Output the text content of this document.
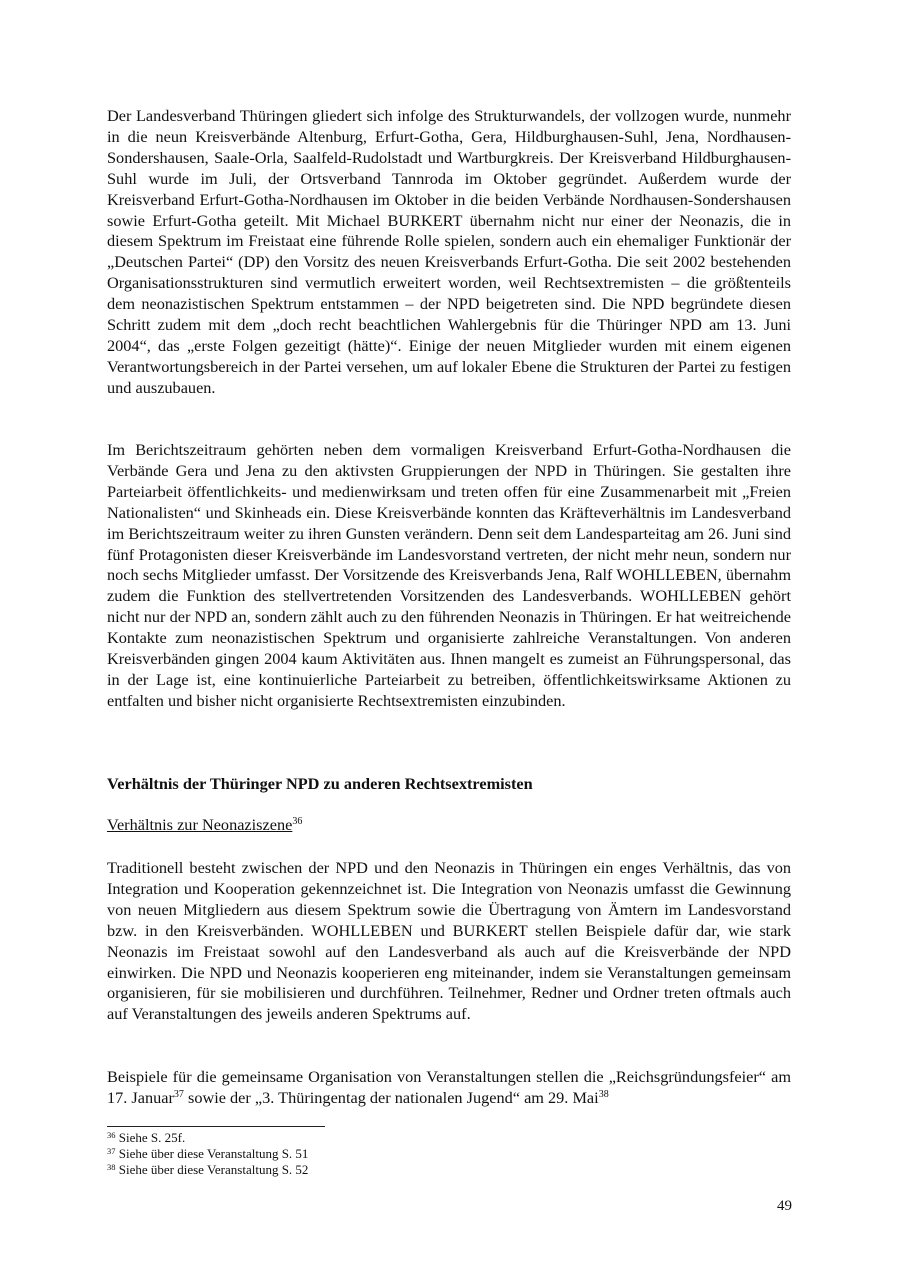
Der Landesverband Thüringen gliedert sich infolge des Strukturwandels, der vollzogen wurde, nunmehr in die neun Kreisverbände Altenburg, Erfurt-Gotha, Gera, Hildburghausen-Suhl, Jena, Nordhausen-Sondershausen, Saale-Orla, Saalfeld-Rudolstadt und Wartburgkreis. Der Kreisverband Hildburghausen-Suhl wurde im Juli, der Ortsverband Tannroda im Oktober gegründet. Außerdem wurde der Kreisverband Erfurt-Gotha-Nordhausen im Oktober in die beiden Verbände Nordhausen-Sondershausen sowie Erfurt-Gotha geteilt. Mit Michael BURKERT übernahm nicht nur einer der Neonazis, die in diesem Spektrum im Freistaat eine führende Rolle spielen, sondern auch ein ehemaliger Funktionär der „Deutschen Partei“ (DP) den Vorsitz des neuen Kreisverbands Erfurt-Gotha. Die seit 2002 bestehenden Organisationsstrukturen sind vermutlich erweitert worden, weil Rechtsextremisten – die größtenteils dem neonazistischen Spektrum entstammen – der NPD beigetreten sind. Die NPD begründete diesen Schritt zudem mit dem „doch recht beachtlichen Wahlergebnis für die Thüringer NPD am 13. Juni 2004“, das „erste Folgen gezeitigt (hätte)“. Einige der neuen Mitglieder wurden mit einem eigenen Verantwortungsbereich in der Partei versehen, um auf lokaler Ebene die Strukturen der Partei zu festigen und auszubauen.

Im Berichtszeitraum gehörten neben dem vormaligen Kreisverband Erfurt-Gotha-Nordhausen die Verbände Gera und Jena zu den aktivsten Gruppierungen der NPD in Thüringen. Sie gestalten ihre Parteiarbeit öffentlichkeits- und medienwirksam und treten offen für eine Zusammenarbeit mit „Freien Nationalisten“ und Skinheads ein. Diese Kreisverbände konnten das Kräfteverhältnis im Landesverband im Berichtszeitraum weiter zu ihren Gunsten verändern. Denn seit dem Landesparteitag am 26. Juni sind fünf Protagonisten dieser Kreisverbände im Landesvorstand vertreten, der nicht mehr neun, sondern nur noch sechs Mitglieder umfasst. Der Vorsitzende des Kreisverbands Jena, Ralf WOHLLEBEN, übernahm zudem die Funktion des stellvertretenden Vorsitzenden des Landesverbands. WOHLLEBEN gehört nicht nur der NPD an, sondern zählt auch zu den führenden Neonazis in Thüringen. Er hat weitreichende Kontakte zum neonazistischen Spektrum und organisierte zahlreiche Veranstaltungen. Von anderen Kreisverbänden gingen 2004 kaum Aktivitäten aus. Ihnen mangelt es zumeist an Führungspersonal, das in der Lage ist, eine kontinuierliche Parteiarbeit zu betreiben, öffentlichkeitswirksame Aktionen zu entfalten und bisher nicht organisierte Rechtsextremisten einzubinden.

Verhältnis der Thüringer NPD zu anderen Rechtsextremisten
Verhältnis zur Neonaziszene$^{36}$

Traditionell besteht zwischen der NPD und den Neonazis in Thüringen ein enges Verhältnis, das von Integration und Kooperation gekennzeichnet ist. Die Integration von Neonazis umfasst die Gewinnung von neuen Mitgliedern aus diesem Spektrum sowie die Übertragung von Ämtern im Landesvorstand bzw. in den Kreisverbänden. WOHLLEBEN und BURKERT stellen Beispiele dafür dar, wie stark Neonazis im Freistaat sowohl auf den Landesverband als auch auf die Kreisverbände der NPD einwirken. Die NPD und Neonazis kooperieren eng miteinander, indem sie Veranstaltungen gemeinsam organisieren, für sie mobilisieren und durchführen. Teilnehmer, Redner und Ordner treten oftmals auch auf Veranstaltungen des jeweils anderen Spektrums auf.

Beispiele für die gemeinsame Organisation von Veranstaltungen stellen die „Reichsgründungsfeier“ am 17. Januar$^{37}$ sowie der „3. Thüringentag der nationalen Jugend“ am 29. Mai$^{38}$

$^{36}$ Siehe S. 25f.
$^{37}$ Siehe über diese Veranstaltung S. 51
$^{38}$ Siehe über diese Veranstaltung S. 52
49
